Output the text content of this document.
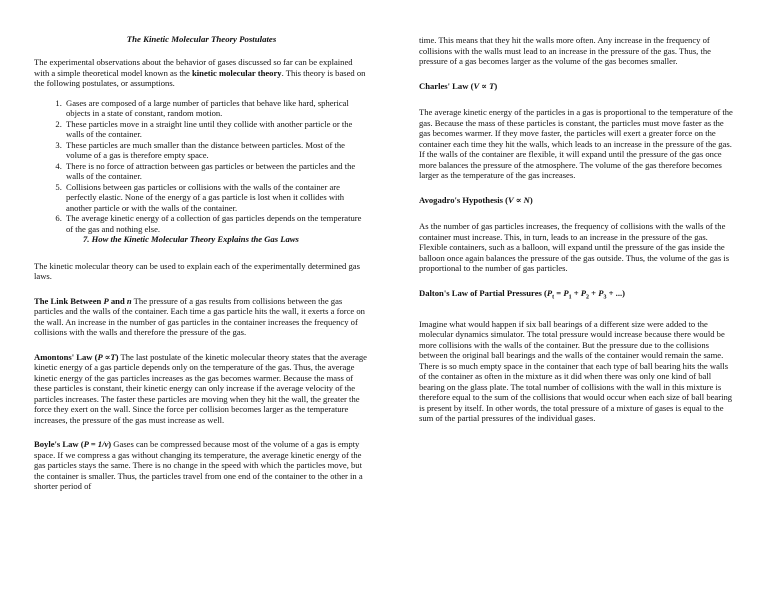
The Kinetic Molecular Theory Postulates

The experimental observations about the behavior of gases discussed so far can be explained with a simple theoretical model known as the kinetic molecular theory. This theory is based on the following postulates, or assumptions.

1. Gases are composed of a large number of particles that behave like hard, spherical objects in a state of constant, random motion.
2. These particles move in a straight line until they collide with another particle or the walls of the container.
3. These particles are much smaller than the distance between particles. Most of the volume of a gas is therefore empty space.
4. There is no force of attraction between gas particles or between the particles and the walls of the container.
5. Collisions between gas particles or collisions with the walls of the container are perfectly elastic. None of the energy of a gas particle is lost when it collides with another particle or with the walls of the container.
6. The average kinetic energy of a collection of gas particles depends on the temperature of the gas and nothing else.
7. How the Kinetic Molecular Theory Explains the Gas Laws

The kinetic molecular theory can be used to explain each of the experimentally determined gas laws.

The Link Between P and n The pressure of a gas results from collisions between the gas particles and the walls of the container. Each time a gas particle hits the wall, it exerts a force on the wall. An increase in the number of gas particles in the container increases the frequency of collisions with the walls and therefore the pressure of the gas.

Amontons' Law (P ∝T) The last postulate of the kinetic molecular theory states that the average kinetic energy of a gas particle depends only on the temperature of the gas. Thus, the average kinetic energy of the gas particles increases as the gas becomes warmer. Because the mass of these particles is constant, their kinetic energy can only increase if the average velocity of the particles increases. The faster these particles are moving when they hit the wall, the greater the force they exert on the wall. Since the force per collision becomes larger as the temperature increases, the pressure of the gas must increase as well.

Boyle's Law (P = 1/v) Gases can be compressed because most of the volume of a gas is empty space. If we compress a gas without changing its temperature, the average kinetic energy of the gas particles stays the same. There is no change in the speed with which the particles move, but the container is smaller. Thus, the particles travel from one end of the container to the other in a shorter period of

time. This means that they hit the walls more often. Any increase in the frequency of collisions with the walls must lead to an increase in the pressure of the gas. Thus, the pressure of a gas becomes larger as the volume of the gas becomes smaller.

Charles' Law (V ∝ T)

The average kinetic energy of the particles in a gas is proportional to the temperature of the gas. Because the mass of these particles is constant, the particles must move faster as the gas becomes warmer. If they move faster, the particles will exert a greater force on the container each time they hit the walls, which leads to an increase in the pressure of the gas. If the walls of the container are flexible, it will expand until the pressure of the gas once more balances the pressure of the atmosphere. The volume of the gas therefore becomes larger as the temperature of the gas increases.

Avogadro's Hypothesis (V ∝ N)

As the number of gas particles increases, the frequency of collisions with the walls of the container must increase. This, in turn, leads to an increase in the pressure of the gas. Flexible containers, such as a balloon, will expand until the pressure of the gas inside the balloon once again balances the pressure of the gas outside. Thus, the volume of the gas is proportional to the number of gas particles.

Dalton's Law of Partial Pressures ($P_t = P_1 + P_2 + P_3$ + ...)

Imagine what would happen if six ball bearings of a different size were added to the molecular dynamics simulator. The total pressure would increase because there would be more collisions with the walls of the container. But the pressure due to the collisions between the original ball bearings and the walls of the container would remain the same. There is so much empty space in the container that each type of ball bearing hits the walls of the container as often in the mixture as it did when there was only one kind of ball bearing on the glass plate. The total number of collisions with the wall in this mixture is therefore equal to the sum of the collisions that would occur when each size of ball bearing is present by itself. In other words, the total pressure of a mixture of gases is equal to the sum of the partial pressures of the individual gases.
